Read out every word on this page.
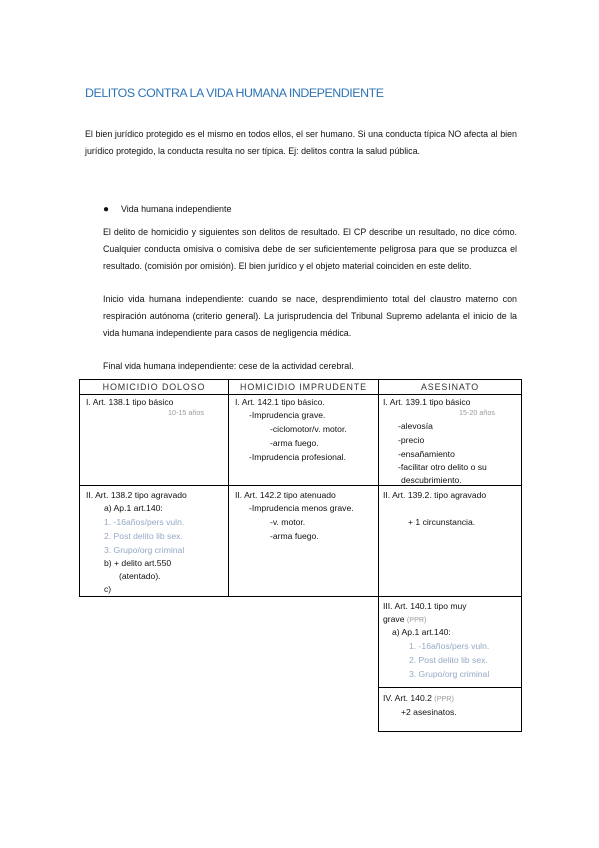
DELITOS CONTRA LA VIDA HUMANA INDEPENDIENTE

El bien jurídico protegido es el mismo en todos ellos, el ser humano. Si una conducta típica NO afecta al bien jurídico protegido, la conducta resulta no ser típica. Ej: delitos contra la salud pública.

● Vida humana independiente

El delito de homicidio y siguientes son delitos de resultado. El CP describe un resultado, no dice cómo. Cualquier conducta omisiva o comisiva debe de ser suficientemente peligrosa para que se produzca el resultado. (comisión por omisión). El bien jurídico y el objeto material coinciden en este delito.

Inicio vida humana independiente: cuando se nace, desprendimiento total del claustro materno con respiración autónoma (criterio general). La jurisprudencia del Tribunal Supremo adelanta el inicio de la vida humana independiente para casos de negligencia médica.

Final vida humana independiente: cese de la actividad cerebral.

HOMICIDIO DOLOSO	HOMICIDIO IMPRUDENTE	ASESINATO
I. Art. 138.1 tipo básico
10-15 años
II. Art. 138.2 tipo agravado
a) Ap.1 art.140:
1. -16años/pers vuln.
2. Post delito lib sex.
3. Grupo/org criminal
b) + delito art.550
(atentado).
c)
I. Art. 142.1 tipo básico.
-Imprudencia grave.
-ciclomotor/v. motor.
-arma fuego.
-Imprudencia profesional.
II. Art. 142.2 tipo atenuado
-Imprudencia menos grave.
-v. motor.
-arma fuego.
I. Art. 139.1 tipo básico
15-20 años
-alevosía
-precio
-ensañamiento
-facilitar otro delito o su
descubrimiento.
II. Art. 139.2. tipo agravado
+ 1 circunstancia.
III. Art. 140.1 tipo muy
grave (PPR)
a) Ap.1 art.140:
1. -16años/pers vuln.
2. Post delito lib sex.
3. Grupo/org criminal
IV. Art. 140.2 (PPR)
+2 asesinatos.
